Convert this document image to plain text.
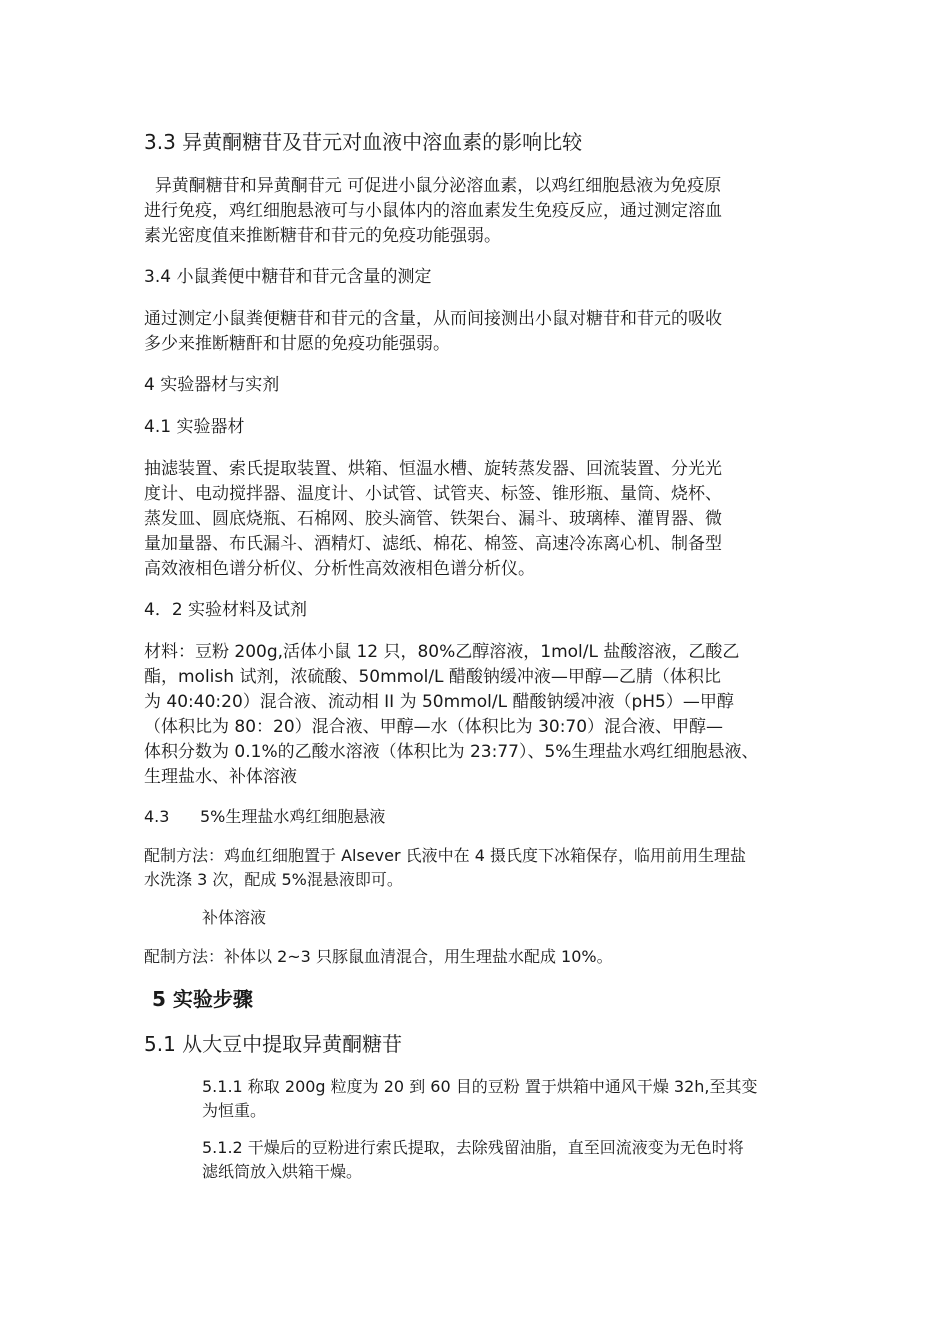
3.3 异黄酮糖苷及苷元对血液中溶血素的影响比较

异黄酮糖苷和异黄酮苷元 可促进小鼠分泌溶血素，以鸡红细胞悬液为免疫原
进行免疫，鸡红细胞悬液可与小鼠体内的溶血素发生免疫反应，通过测定溶血
素光密度值来推断糖苷和苷元的免疫功能强弱。

3.4 小鼠粪便中糖苷和苷元含量的测定

通过测定小鼠粪便糖苷和苷元的含量，从而间接测出小鼠对糖苷和苷元的吸收
多少来推断糖酐和甘愿的免疫功能强弱。

4 实验器材与实剂

4.1 实验器材

抽滤装置、索氏提取装置、烘箱、恒温水槽、旋转蒸发器、回流装置、分光光
度计、电动搅拌器、温度计、小试管、试管夹、标签、锥形瓶、量筒、烧杯、
蒸发皿、圆底烧瓶、石棉网、胶头滴管、铁架台、漏斗、玻璃棒、灌胃器、微
量加量器、布氏漏斗、酒精灯、滤纸、棉花、棉签、高速冷冻离心机、制备型
高效液相色谱分析仪、分析性高效液相色谱分析仪。

4．2 实验材料及试剂

材料：豆粉 200g,活体小鼠 12 只，80%乙醇溶液，1mol/L 盐酸溶液，乙酸乙
酯，molish 试剂，浓硫酸、50mmol/L 醋酸钠缓冲液—甲醇—乙腈（体积比
为 40:40:20）混合液、流动相 II 为 50mmol/L 醋酸钠缓冲液（pH5）—甲醇
（体积比为 80：20）混合液、甲醇—水（体积比为 30:70）混合液、甲醇—
体积分数为 0.1%的乙酸水溶液（体积比为 23:77）、5%生理盐水鸡红细胞悬液、
生理盐水、补体溶液

4.3      5%生理盐水鸡红细胞悬液

配制方法：鸡血红细胞置于 Alsever 氏液中在 4 摄氏度下冰箱保存，临用前用生理盐
水洗涤 3 次，配成 5%混悬液即可。

补体溶液

配制方法：补体以 2~3 只豚鼠血清混合，用生理盐水配成 10%。

5 实验步骤

5.1 从大豆中提取异黄酮糖苷

5.1.1 称取 200g 粒度为 20 到 60 目的豆粉 置于烘箱中通风干燥 32h,至其变
为恒重。

5.1.2 干燥后的豆粉进行索氏提取，去除残留油脂，直至回流液变为无色时将
滤纸筒放入烘箱干燥。
